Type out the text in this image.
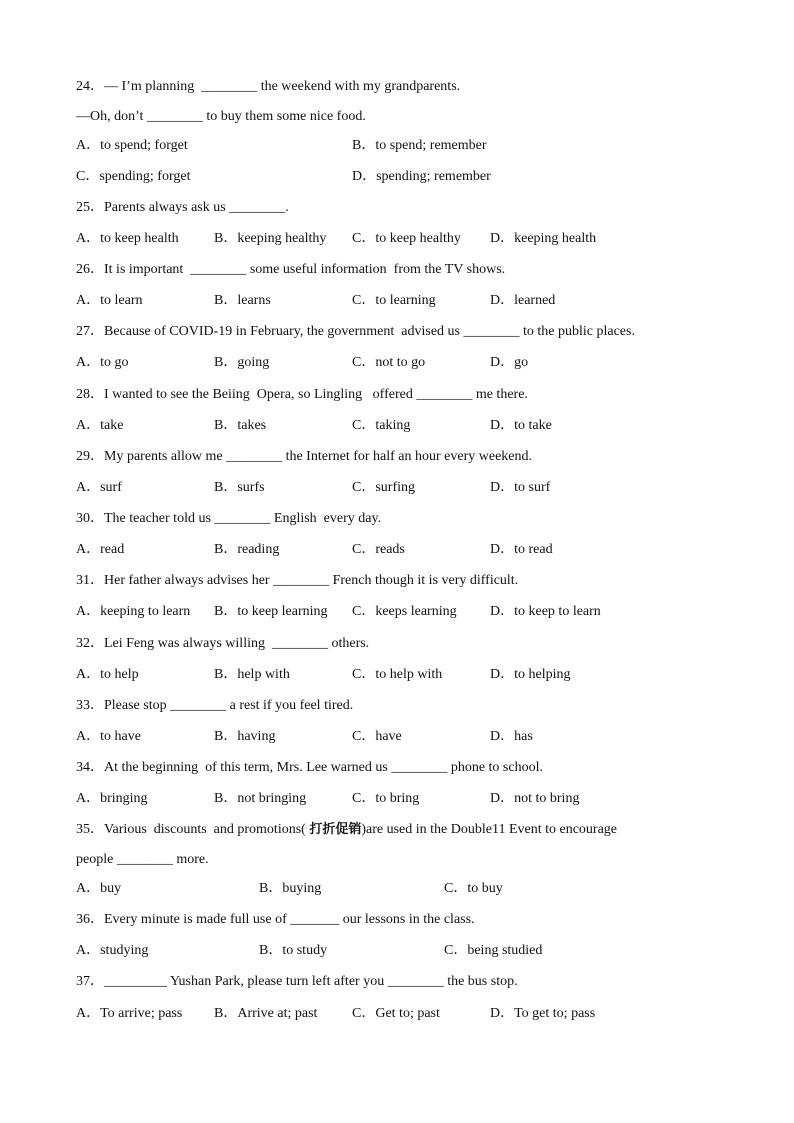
24．— I’m planning  ________ the weekend with my grandparents.
—Oh, don’t ________ to buy them some nice food.
A．to spend; forget	B．to spend; remember
C．spending; forget	D．spending; remember
25．Parents always ask us ________.
A．to keep health	B．keeping healthy C．to keep healthy D．keeping health
26．It is important  ________ some useful information  from the TV shows.
A．to learn	B．learns	C．to learning	D．learned
27．Because of COVID-19 in February, the government  advised us ________ to the public places.
A．to go	B．going	C．not to go	D．go
28．I wanted to see the Beiing  Opera, so Lingling   offered ________ me there.
A．take	B．takes	C．taking	D．to take
29．My parents allow me ________ the Internet for half an hour every weekend.
A．surf	B．surfs	C．surfing	D．to surf
30．The teacher told us ________ English  every day.
A．read	B．reading	C．reads	D．to read
31．Her father always advises her ________ French though it is very difficult.
A．keeping to learn B．to keep learning C．keeps learning D．to keep to learn
32．Lei Feng was always willing  ________ others.
A．to help	B．help with	C．to help with	D．to helping
33．Please stop ________ a rest if you feel tired.
A．to have	B．having	C．have	D．has
34．At the beginning  of this term, Mrs. Lee warned us ________ phone to school.
A．bringing	B．not bringing	C．to bring	D．not to bring
35．Various  discounts  and promotions( 打折促销)are used in the Double11 Event to encourage
people ________ more.
A．buy	B．buying	C．to buy
36．Every minute is made full use of _______ our lessons in the class.
A．studying	B．to study	C．being studied
37．_________ Yushan Park, please turn left after you ________ the bus stop.
A．To arrive; pass B．Arrive at; past C．Get to; past	D．To get to; pass
